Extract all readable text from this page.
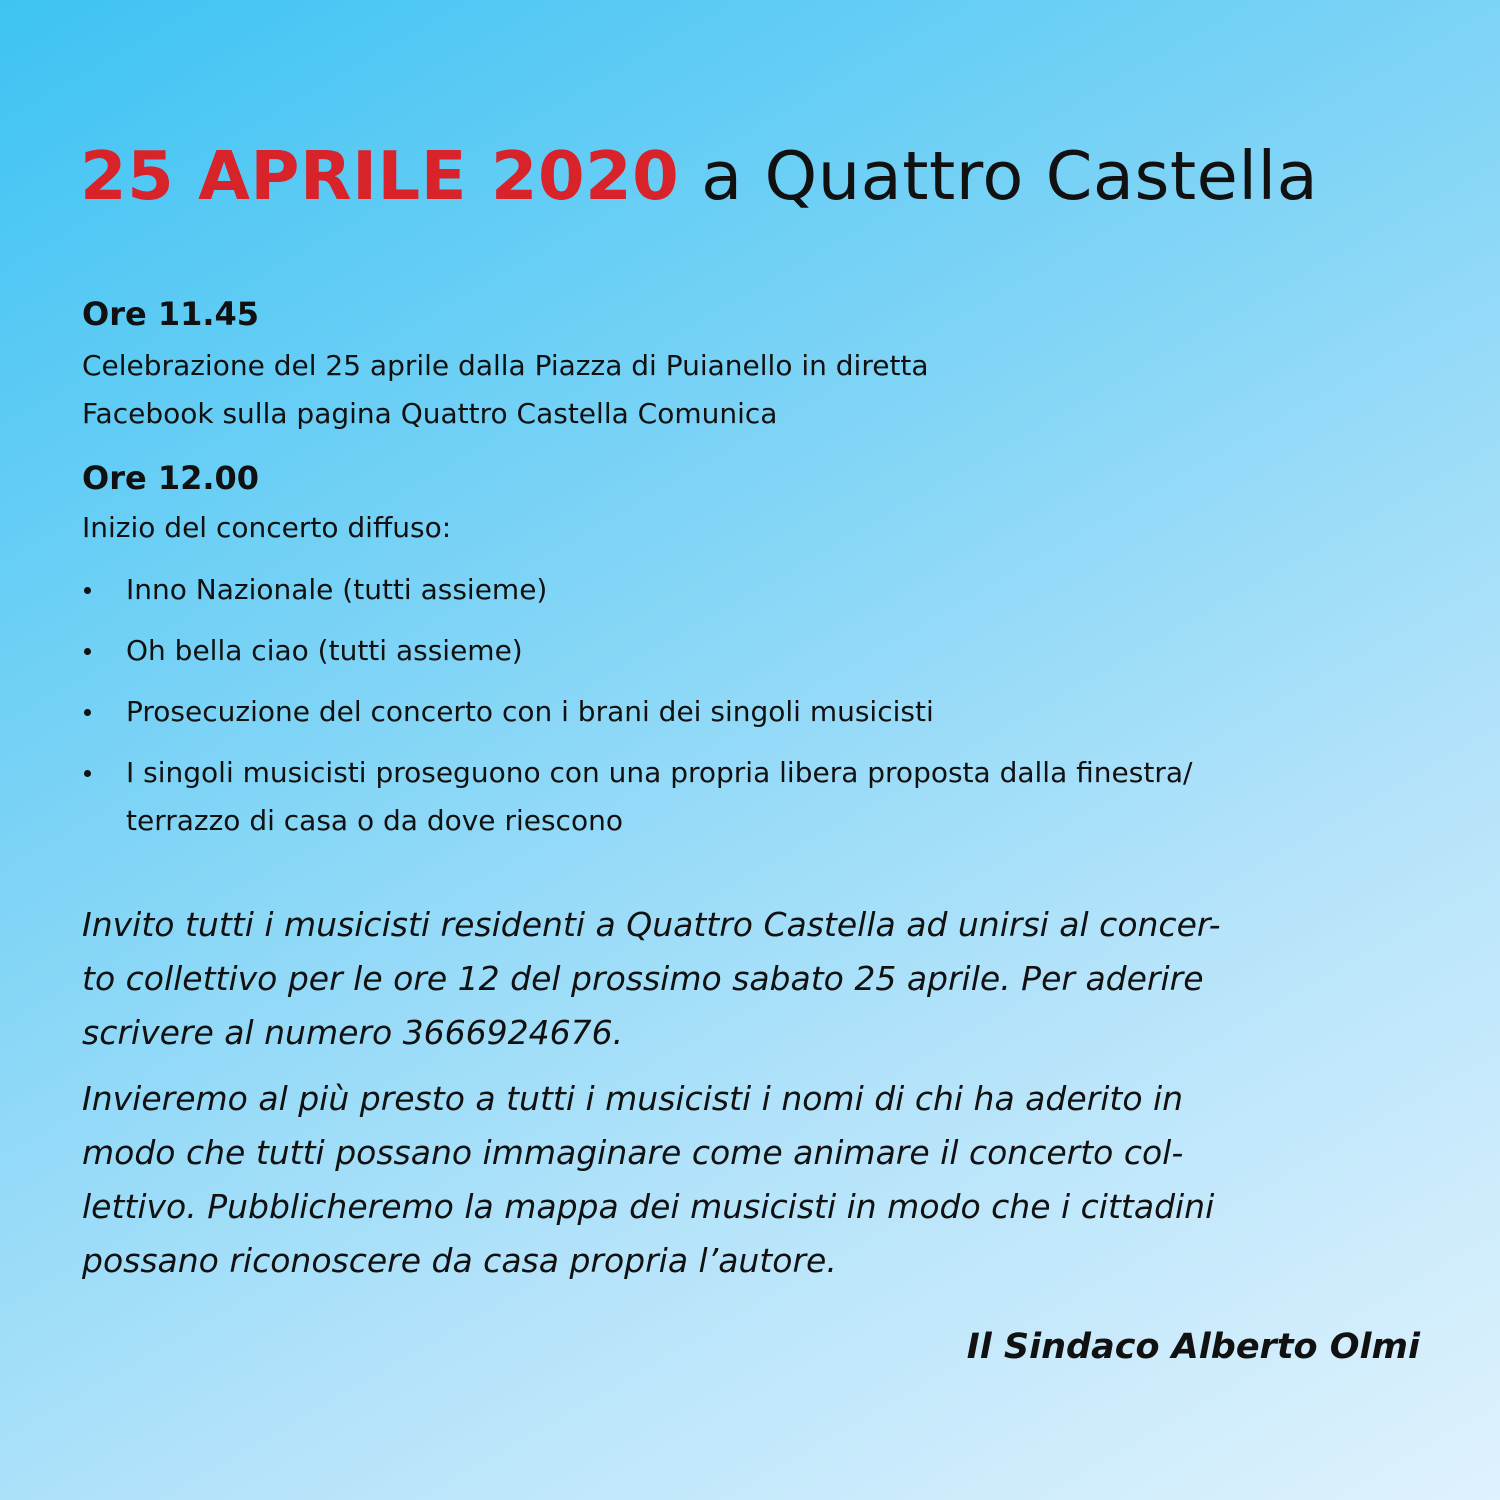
25 APRILE 2020 a Quattro Castella
Ore 11.45

Celebrazione del 25 aprile dalla Piazza di Puianello in diretta
Facebook sulla pagina Quattro Castella Comunica

Ore 12.00

Inizio del concerto diffuso:

Inno Nazionale (tutti assieme)
Oh bella ciao (tutti assieme)
Prosecuzione del concerto con i brani dei singoli musicisti
I singoli musicisti proseguono con una propria libera proposta dalla finestra/
terrazzo di casa o da dove riescono

Invito tutti i musicisti residenti a Quattro Castella ad unirsi al concer-
to collettivo per le ore 12 del prossimo sabato 25 aprile. Per aderire
scrivere al numero 3666924676.

Invieremo al più presto a tutti i musicisti i nomi di chi ha aderito in
modo che tutti possano immaginare come animare il concerto col-
lettivo. Pubblicheremo la mappa dei musicisti in modo che i cittadini
possano riconoscere da casa propria l’autore.

Il Sindaco Alberto Olmi
